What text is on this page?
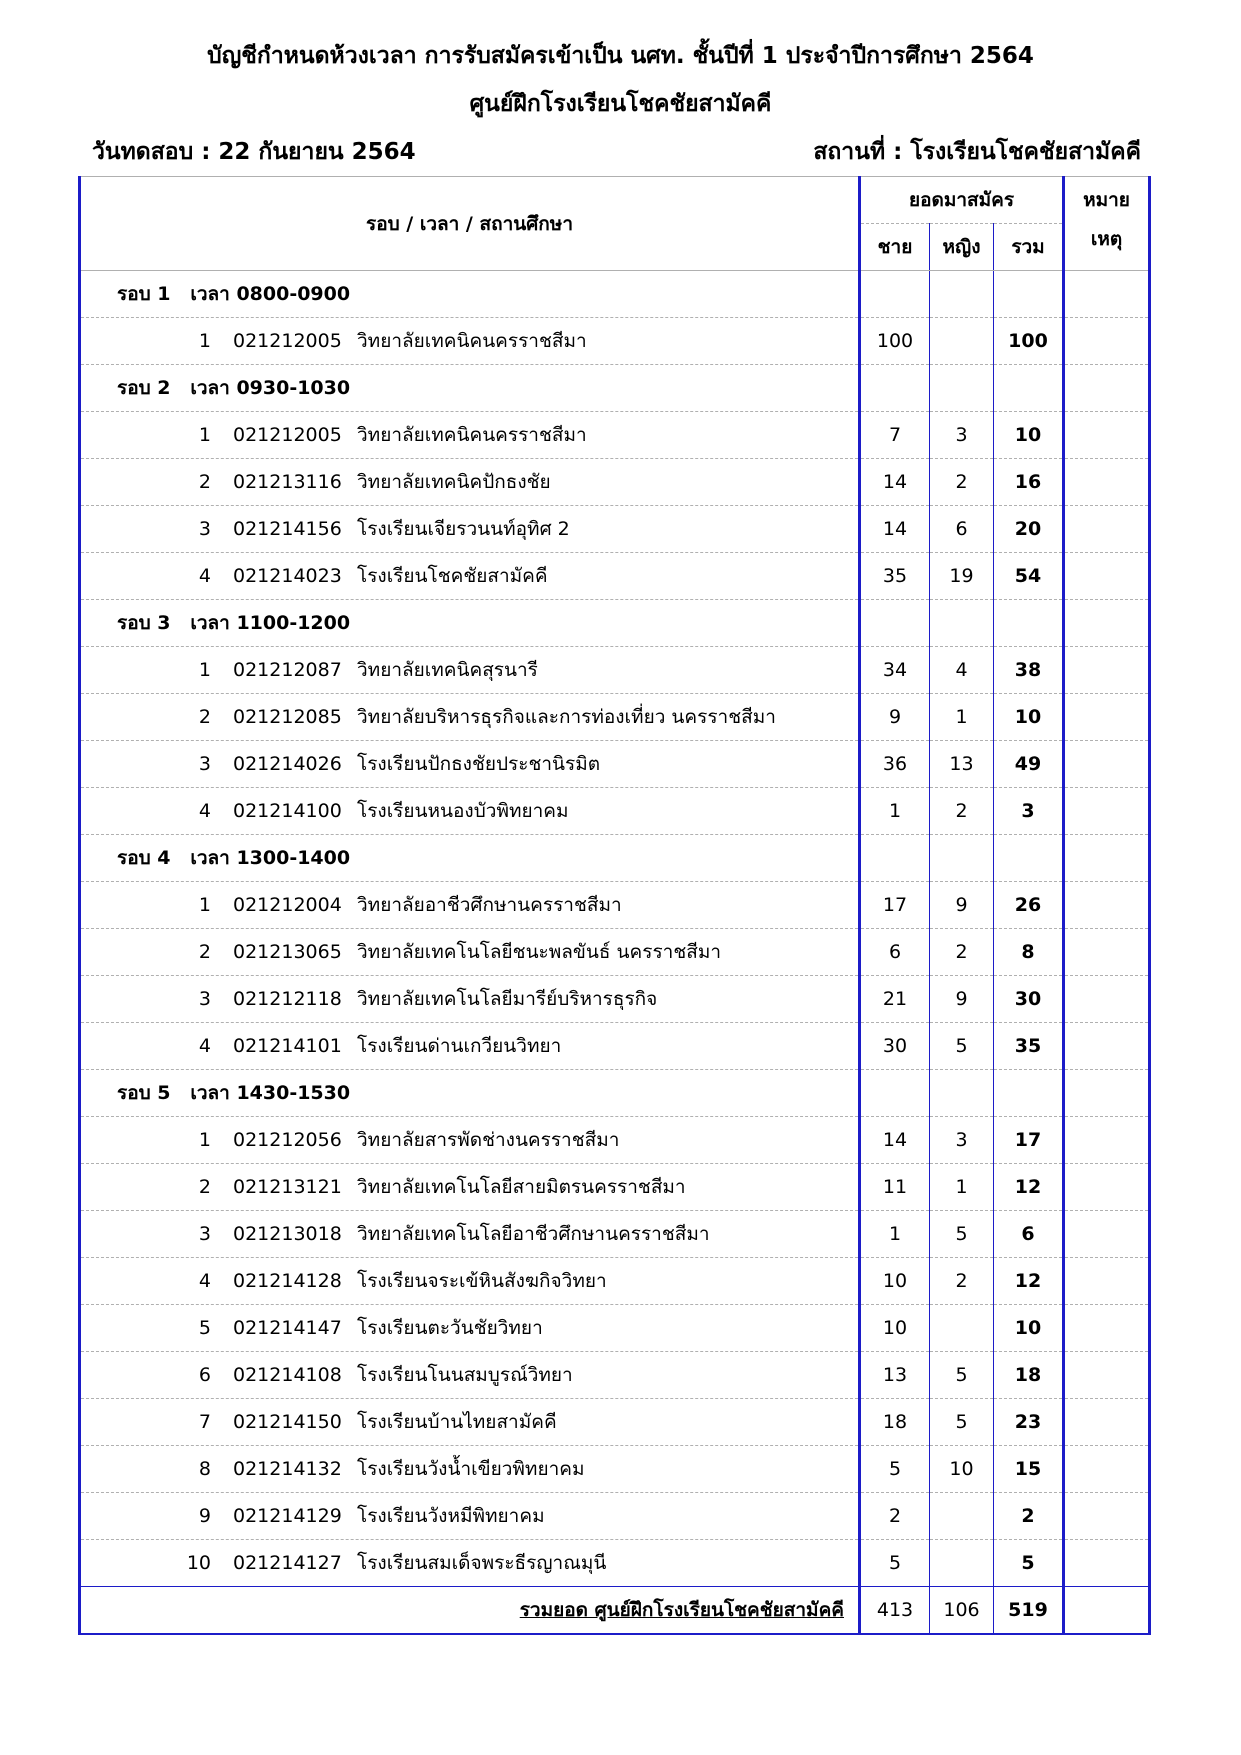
บัญชีกำหนดห้วงเวลา การรับสมัครเข้าเป็น นศท. ชั้นปีที่ 1 ประจำปีการศึกษา 2564
ศูนย์ฝึกโรงเรียนโชคชัยสามัคคี
วันทดสอบ : 22 กันยายน 2564	สถานที่ : โรงเรียนโชคชัยสามัคคี
รอบ / เวลา / สถานศึกษา	ยอดมาสมัคร			หมาย
	ชาย	หญิง	รวม	เหตุ
รอบ 1   เวลา 0800-0900				
1 021212005 วิทยาลัยเทคนิคนครราชสีมา	100		100	
รอบ 2   เวลา 0930-1030				
1 021212005 วิทยาลัยเทคนิคนครราชสีมา	7	3	10	
2 021213116 วิทยาลัยเทคนิคปักธงชัย	14	2	16	
3 021214156 โรงเรียนเจียรวนนท์อุทิศ 2	14	6	20	
4 021214023 โรงเรียนโชคชัยสามัคคี	35	19	54	
รอบ 3   เวลา 1100-1200				
1 021212087 วิทยาลัยเทคนิคสุรนารี	34	4	38	
2 021212085 วิทยาลัยบริหารธุรกิจและการท่องเที่ยว นครราชสีมา	9	1	10	
3 021214026 โรงเรียนปักธงชัยประชานิรมิต	36	13	49	
4 021214100 โรงเรียนหนองบัวพิทยาคม	1	2	3	
รอบ 4   เวลา 1300-1400				
1 021212004 วิทยาลัยอาชีวศึกษานครราชสีมา	17	9	26	
2 021213065 วิทยาลัยเทคโนโลยีชนะพลขันธ์ นครราชสีมา	6	2	8	
3 021212118 วิทยาลัยเทคโนโลยีมารีย์บริหารธุรกิจ	21	9	30	
4 021214101 โรงเรียนด่านเกวียนวิทยา	30	5	35	
รอบ 5   เวลา 1430-1530				
1 021212056 วิทยาลัยสารพัดช่างนครราชสีมา	14	3	17	
2 021213121 วิทยาลัยเทคโนโลยีสายมิตรนครราชสีมา	11	1	12	
3 021213018 วิทยาลัยเทคโนโลยีอาชีวศึกษานครราชสีมา	1	5	6	
4 021214128 โรงเรียนจระเข้หินสังฆกิจวิทยา	10	2	12	
5 021214147 โรงเรียนตะวันชัยวิทยา	10		10	
6 021214108 โรงเรียนโนนสมบูรณ์วิทยา	13	5	18	
7 021214150 โรงเรียนบ้านไทยสามัคคี	18	5	23	
8 021214132 โรงเรียนวังน้ำเขียวพิทยาคม	5	10	15	
9 021214129 โรงเรียนวังหมีพิทยาคม	2		2	
10 021214127 โรงเรียนสมเด็จพระธีรญาณมุนี	5		5	
รวมยอด ศูนย์ฝึกโรงเรียนโชคชัยสามัคคี	413	106	519	
